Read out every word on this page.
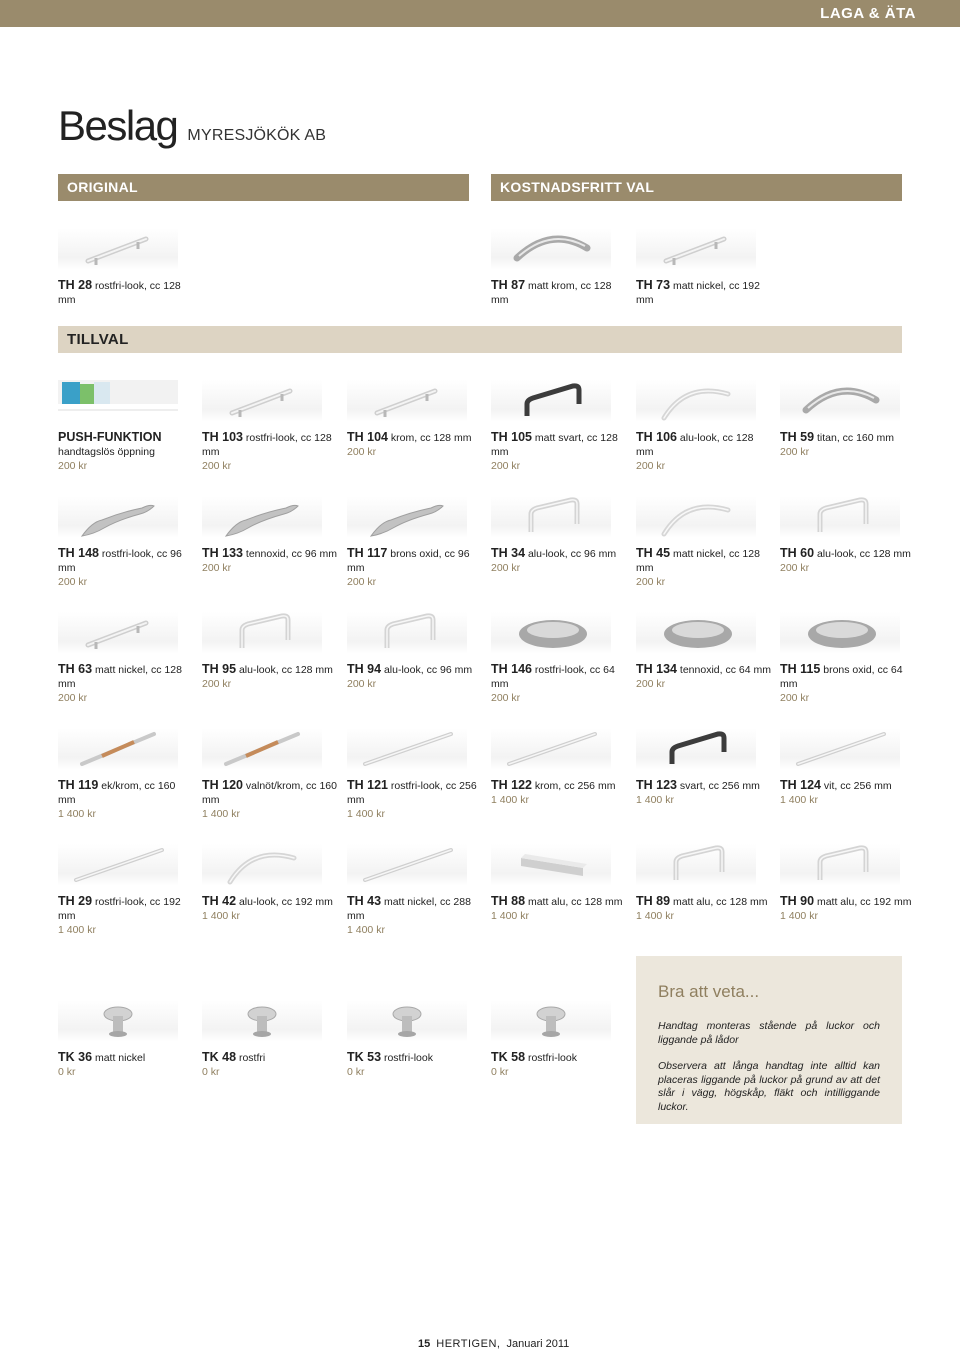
LAGA & ÄTA
Beslag MYRESJÖKÖK AB
ORIGINAL	KOSTNADSFRITT VAL
TILLVAL
Bra att veta...

Handtag monteras stående på luckor och liggande på lådor

Observera att långa handtag inte alltid kan placeras liggande på luckor på grund av att det slår i vägg, högskåp, fläkt och intilliggande luckor.

15 HERTIGEN, Januari 2011
TH 28 rostfri-look, cc 128 mm
TH 87 matt krom, cc 128 mm
TH 73 matt nickel, cc 192 mm
PUSH-FUNKTION
handtagslös öppning
200 kr
TH 103 rostfri-look, cc 128 mm
200 kr
TH 104 krom, cc 128 mm
200 kr
TH 105 matt svart, cc 128 mm
200 kr
TH 106 alu-look, cc 128 mm
200 kr
TH 59 titan, cc 160 mm
200 kr
TH 148 rostfri-look, cc 96 mm
200 kr
TH 133 tennoxid, cc 96 mm
200 kr
TH 117 brons oxid, cc 96 mm
200 kr
TH 34 alu-look, cc 96 mm
200 kr
TH 45 matt nickel, cc 128 mm
200 kr
TH 60 alu-look, cc 128 mm
200 kr
TH 63 matt nickel, cc 128 mm
200 kr
TH 95 alu-look, cc 128 mm
200 kr
TH 94 alu-look, cc 96 mm
200 kr
TH 146 rostfri-look, cc 64 mm
200 kr
TH 134 tennoxid, cc 64 mm
200 kr
TH 115 brons oxid, cc 64 mm
200 kr
TH 119 ek/krom, cc 160 mm
1 400 kr
TH 120 valnöt/krom, cc 160 mm
1 400 kr
TH 121 rostfri-look, cc 256 mm
1 400 kr
TH 122 krom, cc 256 mm
1 400 kr
TH 123 svart, cc 256 mm
1 400 kr
TH 124 vit, cc 256 mm
1 400 kr
TH 29 rostfri-look, cc 192 mm
1 400 kr
TH 42 alu-look, cc 192 mm
1 400 kr
TH 43 matt nickel, cc 288 mm
1 400 kr
TH 88 matt alu, cc 128 mm
1 400 kr
TH 89 matt alu, cc 128 mm
1 400 kr
TH 90 matt alu, cc 192 mm
1 400 kr
TK 36 matt nickel
0 kr
TK 48 rostfri
0 kr
TK 53 rostfri-look
0 kr
TK 58 rostfri-look
0 kr
